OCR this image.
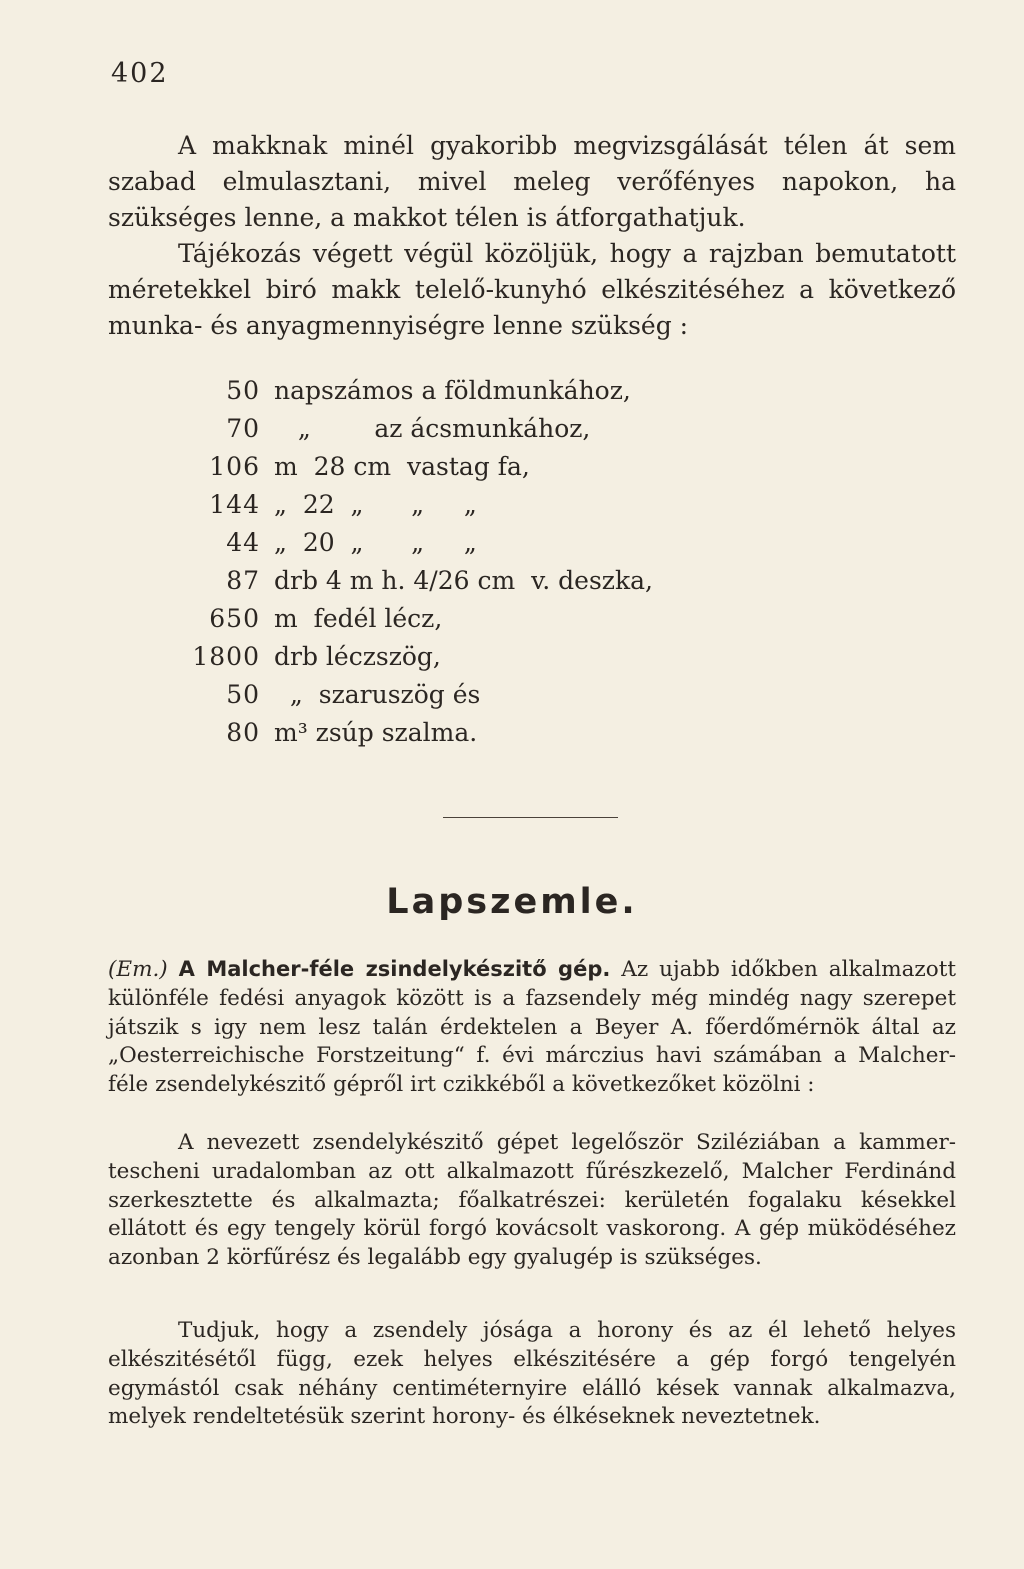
402

A makknak minél gyakoribb megvizsgálását télen át sem szabad elmulasztani, mivel meleg verőfényes napokon, ha szükséges lenne, a makkot télen is átforgathatjuk.

Tájékozás végett végül közöljük, hogy a rajzban bemutatott méretekkel biró makk telelő-kunyhó elkészitéséhez a következő munka- és anyagmennyiségre lenne szükség :

50 napszámos a földmunkához,
70 „        az ácsmunkához,
106 m  28 cm  vastag fa,
144 „  22  „      „     „
44 „  20  „      „     „
87 drb 4 m h. 4/26 cm  v. deszka,
650 m  fedél lécz,
1800 drb léczszög,
50 „  szaruszög és
80 m³ zsúp szalma.
Lapszemle.

(Em.) A Malcher-féle zsindelykészitő gép. Az ujabb időkben alkalmazott különféle fedési anyagok között is a fazsendely még mindég nagy szerepet játszik s igy nem lesz talán érdektelen a Beyer A. főerdőmérnök által az „Oesterreichische Forstzeitung“ f. évi márczius havi számában a Malcher-féle zsendelykészitő gépről irt czikkéből a következőket közölni :

A nevezett zsendelykészitő gépet legelőször Sziléziában a kammer-tescheni uradalomban az ott alkalmazott fűrészkezelő, Malcher Ferdinánd szerkesztette és alkalmazta; főalkatrészei: kerületén fogalaku késekkel ellátott és egy tengely körül forgó kovácsolt vaskorong. A gép müködéséhez azonban 2 körfűrész és legalább egy gyalugép is szükséges.

Tudjuk, hogy a zsendely jósága a horony és az él lehető helyes elkészitésétől függ, ezek helyes elkészitésére a gép forgó tengelyén egymástól csak néhány centiméternyire eláll​ó kések vannak alkalmazva, melyek rendeltetésük szerint horony- és élkéseknek neveztetnek.
